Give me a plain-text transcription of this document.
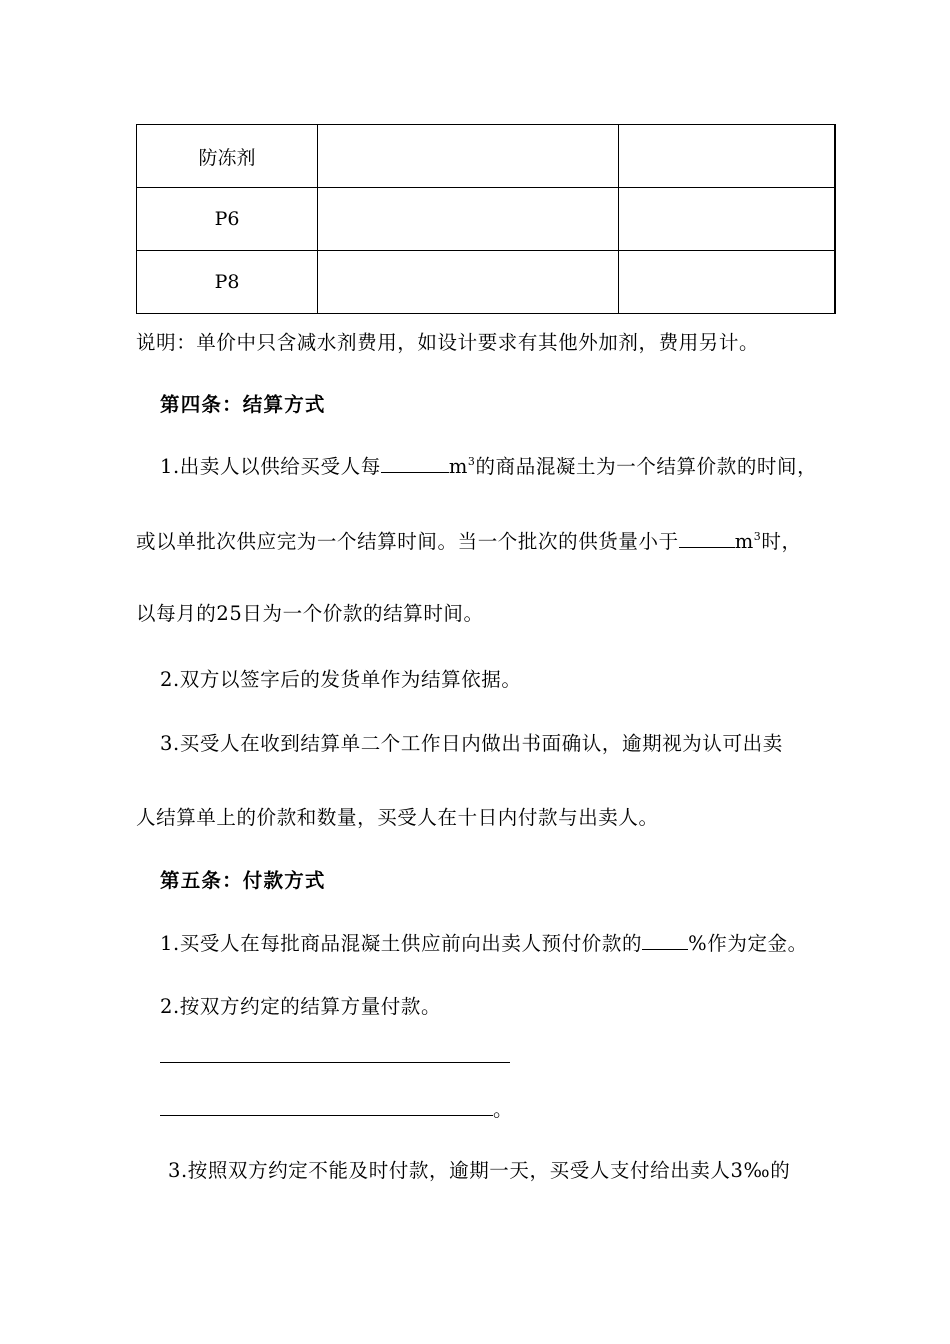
防冻剂		
P6		
P8		
说明：单价中只含减水剂费用，如设计要求有其他外加剂，费用另计。
第四条：结算方式
1.出卖人以供给买受人每	$m^3$的商品混凝土为一个结算价款的时间，
或以单批次供应完为一个结算时间。当一个批次的供货量小于	$m^3$时，
以每月的25日为一个价款的结算时间。
2.双方以签字后的发货单作为结算依据。
3.买受人在收到结算单二个工作日内做出书面确认，逾期视为认可出卖
人结算单上的价款和数量，买受人在十日内付款与出卖人。
第五条：付款方式
1.买受人在每批商品混凝土供应前向出卖人预付价款的 %作为定金。
2.按双方约定的结算方量付款。
。
3.按照双方约定不能及时付款，逾期一天，买受人支付给出卖人3‰的
